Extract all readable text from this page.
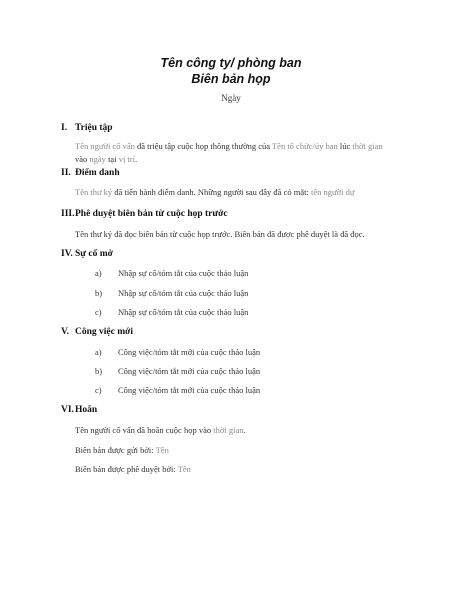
Tên công ty/ phòng ban
Biên bản họp
Ngày
I. Triệu tập
Tên người cố vấn đã triệu tập cuộc họp thông thường của Tên tổ chức/ủy ban lúc thời gian vào ngày tại vị trí.
II. Điểm danh
Tên thư ký đã tiến hành điểm danh. Những người sau đây đã có mặt: tên người dự
III. Phê duyệt biên bản từ cuộc họp trước
Tên thư ký đã đọc biên bản từ cuộc họp trước. Biên bản đã được phê duyệt là đã đọc.
IV. Sự cố mở
a) Nhập sự cố/tóm tắt của cuộc thảo luận
b) Nhập sự cố/tóm tắt của cuộc thảo luận
c) Nhập sự cố/tóm tắt của cuộc thảo luận
V. Công việc mới
a) Công việc/tóm tắt mới của cuộc thảo luận
b) Công việc/tóm tắt mới của cuộc thảo luận
c) Công việc/tóm tắt mới của cuộc thảo luận
VI. Hoãn
Tên người cố vấn đã hoãn cuộc họp vào thời gian.
Biên bản được gửi bởi: Tên
Biên bản được phê duyệt bởi: Tên
